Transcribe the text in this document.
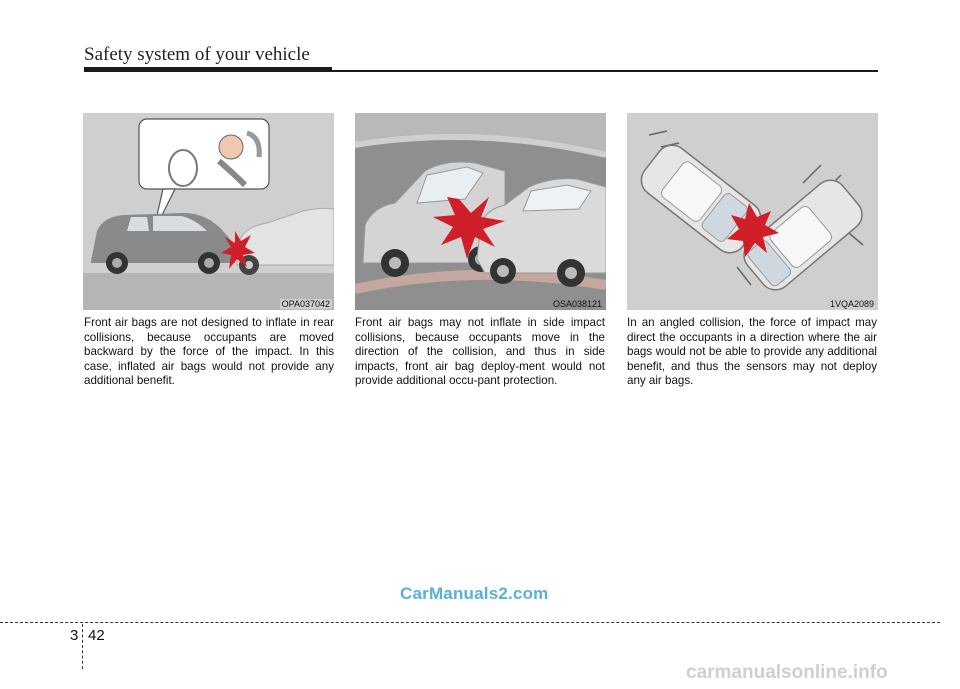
Safety system of your vehicle
OPA037042	OSA038121	1VQA2089
Front air bags are not designed to inflate in rear collisions, because occupants are moved backward by the force of the impact. In this case, inflated air bags would not provide any additional benefit.
Front air bags may not inflate in side impact collisions, because occupants move in the direction of the collision, and thus in side impacts, front air bag deploy-ment would not provide additional occu-pant protection.
In an angled collision, the force of impact may direct the occupants in a direction where the air bags would not be able to provide any additional benefit, and thus the sensors may not deploy any air bags.
CarManuals2.com
3 42
carmanualsonline.info
